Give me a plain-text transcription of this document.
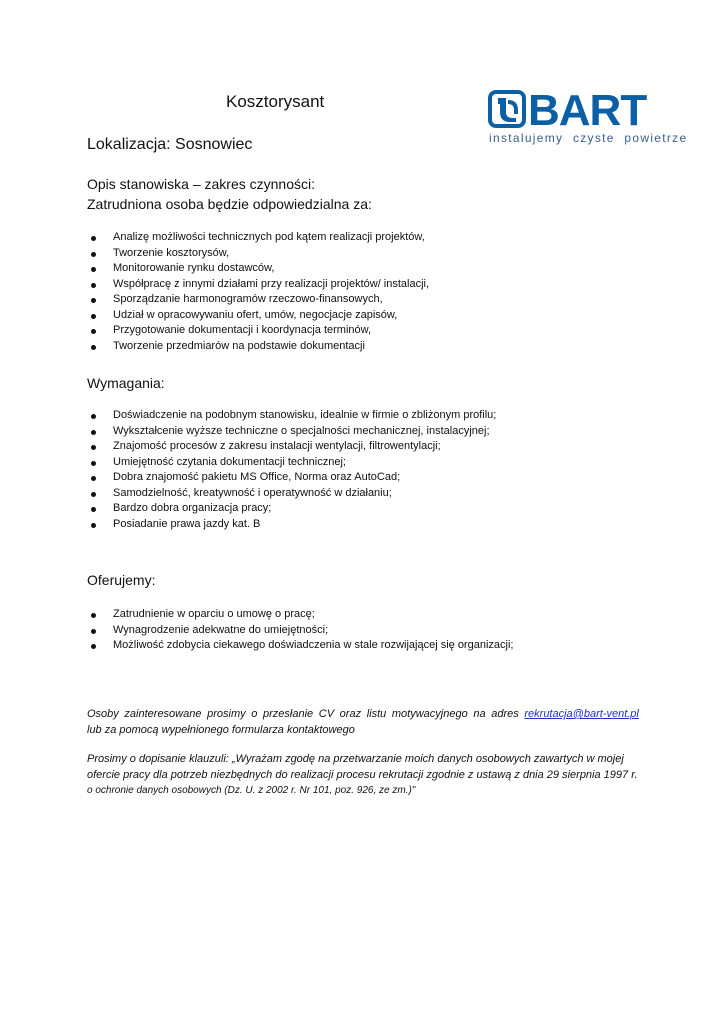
Kosztorysant
Lokalizacja: Sosnowiec
BART
instalujemy czyste powietrze
Opis stanowiska – zakres czynności:
Zatrudniona osoba będzie odpowiedzialna za:
Analizę możliwości technicznych pod kątem realizacji projektów,
Tworzenie kosztorysów,
Monitorowanie rynku dostawców,
Współpracę z innymi działami przy realizacji projektów/ instalacji,
Sporządzanie harmonogramów rzeczowo-finansowych,
Udział w opracowywaniu ofert, umów, negocjacje zapisów,
Przygotowanie dokumentacji i koordynacja terminów,
Tworzenie przedmiarów na podstawie dokumentacji
Wymagania:
Doświadczenie na podobnym stanowisku, idealnie w firmie o zbliżonym profilu;
Wykształcenie wyższe techniczne o specjalności mechanicznej, instalacyjnej;
Znajomość procesów z zakresu instalacji wentylacji, filtrowentylacji;
Umiejętność czytania dokumentacji technicznej;
Dobra znajomość pakietu MS Office, Norma oraz AutoCad;
Samodzielność, kreatywność i operatywność w działaniu;
Bardzo dobra organizacja pracy;
Posiadanie prawa jazdy kat. B
Oferujemy:
Zatrudnienie w oparciu o umowę o pracę;
Wynagrodzenie adekwatne do umiejętności;
Możliwość zdobycia ciekawego doświadczenia w stale rozwijającej się organizacji;
Osoby zainteresowane prosimy o przesłanie CV oraz listu motywacyjnego na adres rekrutacja@bart-vent.pl
lub za pomocą wypełnionego formularza kontaktowego
Prosimy o dopisanie klauzuli: „Wyrażam zgodę na przetwarzanie moich danych osobowych zawartych w mojej
ofercie pracy dla potrzeb niezbędnych do realizacji procesu rekrutacji zgodnie z ustawą z dnia 29 sierpnia 1997 r.
o ochronie danych osobowych (Dz. U. z 2002 r. Nr 101, poz. 926, ze zm.)"
